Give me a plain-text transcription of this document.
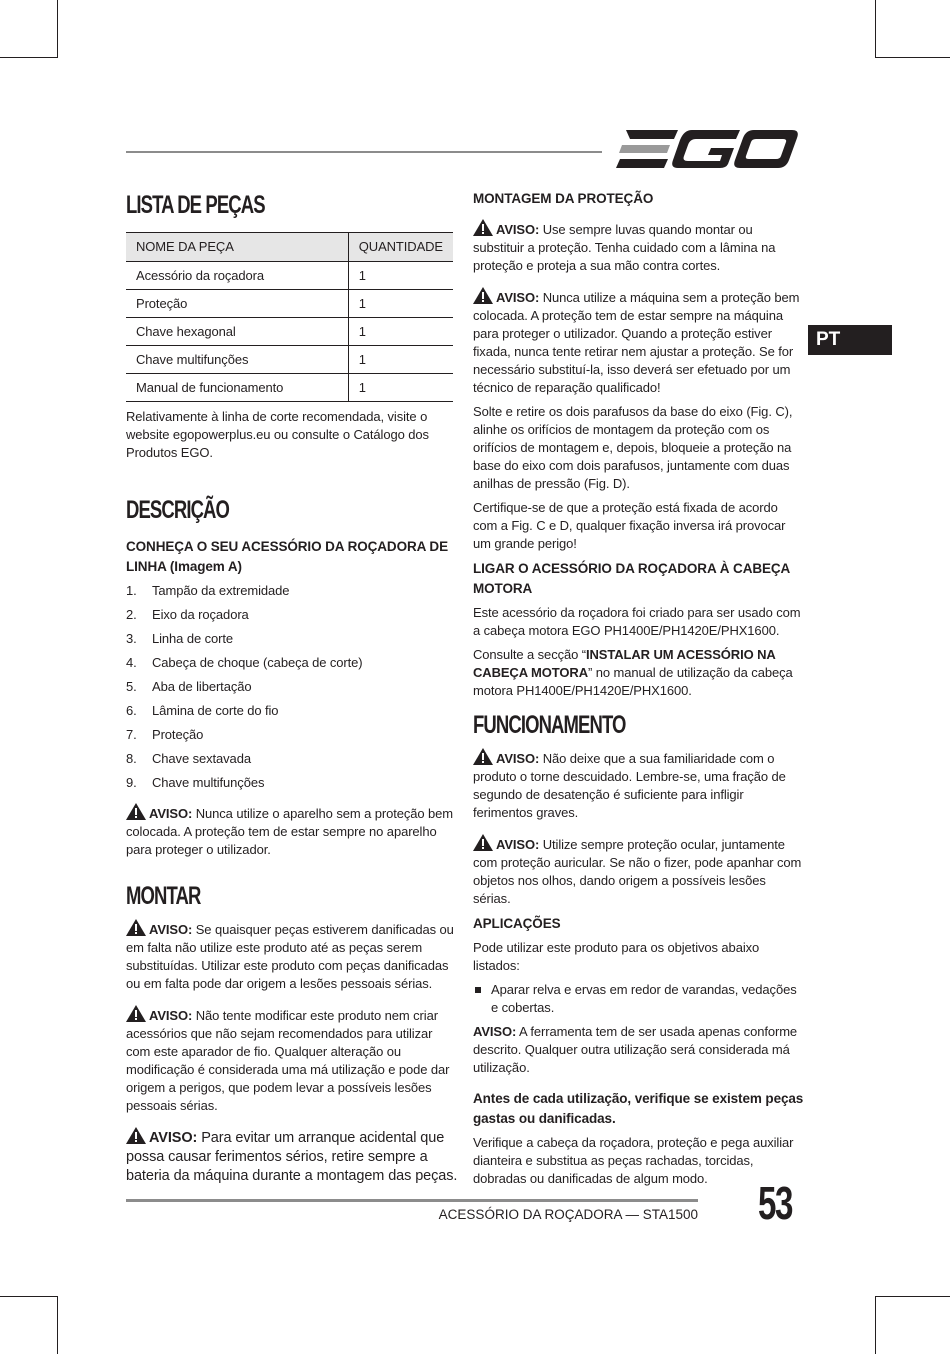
PT
LISTA DE PEÇAS
NOME DA PEÇA	QUANTIDADE
Acessório da roçadora	1
Proteção	1
Chave hexagonal	1
Chave multifunções	1
Manual de funcionamento	1

Relativamente à linha de corte recomendada, visite o website egopowerplus.eu ou consulte o Catálogo dos Produtos EGO.

DESCRIÇÃO
CONHEÇA O SEU ACESSÓRIO DA ROÇADORA DE LINHA (Imagem A)
1.	Tampão da extremidade
2.	Eixo da roçadora
3.	Linha de corte
4.	Cabeça de choque (cabeça de corte)
5.	Aba de libertação
6.	Lâmina de corte do fio
7.	Proteção
8.	Chave sextavada
9.	Chave multifunções

AVISO: Nunca utilize o aparelho sem a proteção bem colocada. A proteção tem de estar sempre no aparelho para proteger o utilizador.

MONTAR

AVISO: Se quaisquer peças estiverem danificadas ou em falta não utilize este produto até as peças serem substituídas. Utilizar este produto com peças danificadas ou em falta pode dar origem a lesões pessoais sérias.

AVISO: Não tente modificar este produto nem criar acessórios que não sejam recomendados para utilizar com este aparador de fio. Qualquer alteração ou modificação é considerada uma má utilização e pode dar origem a perigos, que podem levar a possíveis lesões pessoais sérias.

AVISO: Para evitar um arranque acidental que possa causar ferimentos sérios, retire sempre a bateria da máquina durante a montagem das peças.

MONTAGEM DA PROTEÇÃO

AVISO: Use sempre luvas quando montar ou substituir a proteção. Tenha cuidado com a lâmina na proteção e proteja a sua mão contra cortes.

AVISO: Nunca utilize a máquina sem a proteção bem colocada. A proteção tem de estar sempre na máquina para proteger o utilizador. Quando a proteção estiver fixada, nunca tente retirar nem ajustar a proteção. Se for necessário substituí-la, isso deverá ser efetuado por um técnico de reparação qualificado!

Solte e retire os dois parafusos da base do eixo (Fig. C), alinhe os orifícios de montagem da proteção com os orifícios de montagem e, depois, bloqueie a proteção na base do eixo com dois parafusos, juntamente com duas anilhas de pressão (Fig. D).

Certifique-se de que a proteção está fixada de acordo com a Fig. C e D, qualquer fixação inversa irá provocar um grande perigo!

LIGAR O ACESSÓRIO DA ROÇADORA À CABEÇA MOTORA

Este acessório da roçadora foi criado para ser usado com a cabeça motora EGO PH1400E/PH1420E/PHX1600.

Consulte a secção “INSTALAR UM ACESSÓRIO NA CABEÇA MOTORA” no manual de utilização da cabeça motora PH1400E/PH1420E/PHX1600.

FUNCIONAMENTO

AVISO: Não deixe que a sua familiaridade com o produto o torne descuidado. Lembre-se, uma fração de segundo de desatenção é suficiente para infligir ferimentos graves.

AVISO: Utilize sempre proteção ocular, juntamente com proteção auricular. Se não o fizer, pode apanhar com objetos nos olhos, dando origem a possíveis lesões sérias.

APLICAÇÕES

Pode utilizar este produto para os objetivos abaixo listados:

Aparar relva e ervas em redor de varandas, vedações e cobertas.

AVISO: A ferramenta tem de ser usada apenas conforme descrito. Qualquer outra utilização será considerada má utilização.

Antes de cada utilização, verifique se existem peças gastas ou danificadas.

Verifique a cabeça da roçadora, proteção e pega auxiliar dianteira e substitua as peças rachadas, torcidas, dobradas ou danificadas de algum modo.

ACESSÓRIO DA ROÇADORA — STA1500 53
